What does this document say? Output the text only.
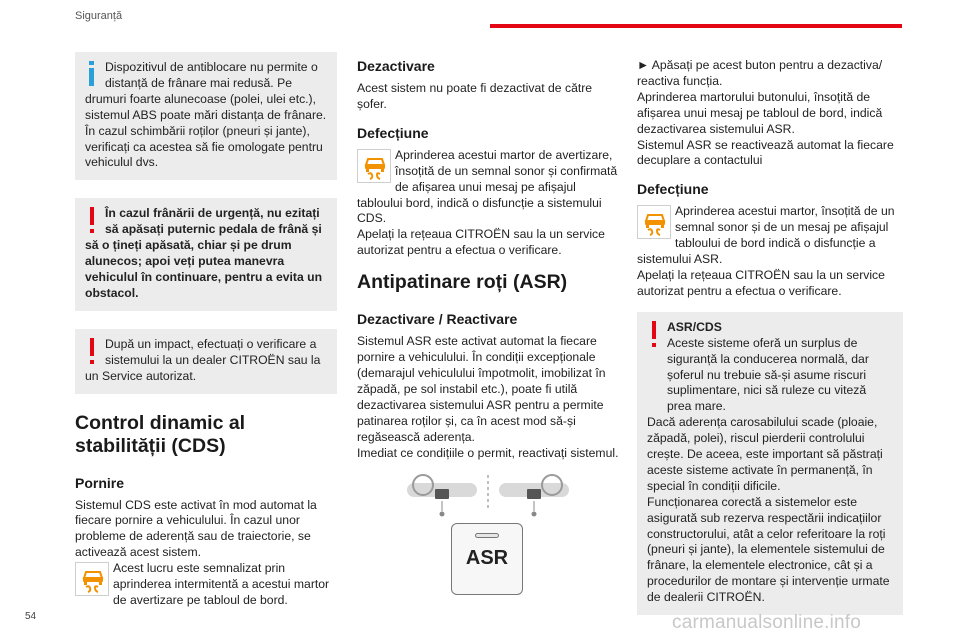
Siguranță

Dispozitivul de antiblocare nu permite o distanță de frânare mai redusă. Pe drumuri foarte alunecoase (polei, ulei etc.), sistemul ABS poate mări distanța de frânare. În cazul schimbării roților (pneuri și jante), verificați ca acestea să fie omologate pentru vehiculul dvs.

În cazul frânării de urgență, nu ezitați să apăsați puternic pedala de frână și să o țineți apăsată, chiar și pe drum alunecos; apoi veți putea manevra vehiculul în continuare, pentru a evita un obstacol.

După un impact, efectuați o verificare a sistemului la un dealer CITROËN sau la un Service autorizat.

Control dinamic al stabilității (CDS)
Pornire

Sistemul CDS este activat în mod automat la fiecare pornire a vehiculului. În cazul unor probleme de aderență sau de traiectorie, se activează acest sistem.

Acest lucru este semnalizat prin aprinderea intermitentă a acestui martor de avertizare pe tabloul de bord.

Dezactivare

Acest sistem nu poate fi dezactivat de către șofer.

Defecțiune

Aprinderea acestui martor de avertizare, însoțită de un semnal sonor și confirmată de afișarea unui mesaj pe afișajul tabloului bord, indică o disfuncție a sistemului CDS.

Apelați la rețeaua CITROËN sau la un service autorizat pentru a efectua o verificare.

Antipatinare roți (ASR)
Dezactivare / Reactivare

Sistemul ASR este activat automat la fiecare pornire a vehiculului. În condiții excepționale (demarajul vehiculului împotmolit, imobilizat în zăpadă, pe sol instabil etc.), poate fi utilă dezactivarea sistemului ASR pentru a permite patinarea roților și, ca în acest mod să-și regăsească aderența.

Imediat ce condițiile o permit, reactivați sistemul.

ASR

► Apăsați pe acest buton pentru a dezactiva/ reactiva funcția.

Aprinderea martorului butonului, însoțită de afișarea unui mesaj pe tabloul de bord, indică dezactivarea sistemului ASR.

Sistemul ASR se reactivează automat la fiecare decuplare a contactului

Defecțiune

Aprinderea acestui martor, însoțită de un semnal sonor și de un mesaj pe afișajul tabloului de bord indică o disfuncție a sistemului ASR.

Apelați la rețeaua CITROËN sau la un service autorizat pentru a efectua o verificare.

ASR/CDS

Aceste sisteme oferă un surplus de siguranță la conducerea normală, dar șoferul nu trebuie să-și asume riscuri suplimentare, nici să ruleze cu viteză prea mare.

Dacă aderența carosabilului scade (ploaie, zăpadă, polei), riscul pierderii controlului crește. De aceea, este important să păstrați aceste sisteme activate în permanență, în special în condiții dificile.

Funcționarea corectă a sistemelor este asigurată sub rezerva respectării indicațiilor constructorului, atât a celor referitoare la roți (pneuri și jante), la elementele sistemului de frânare, la elementele electronice, cât și a procedurilor de montare și intervenție urmate de dealerii CITROËN.

54	carmanualsonline.info
